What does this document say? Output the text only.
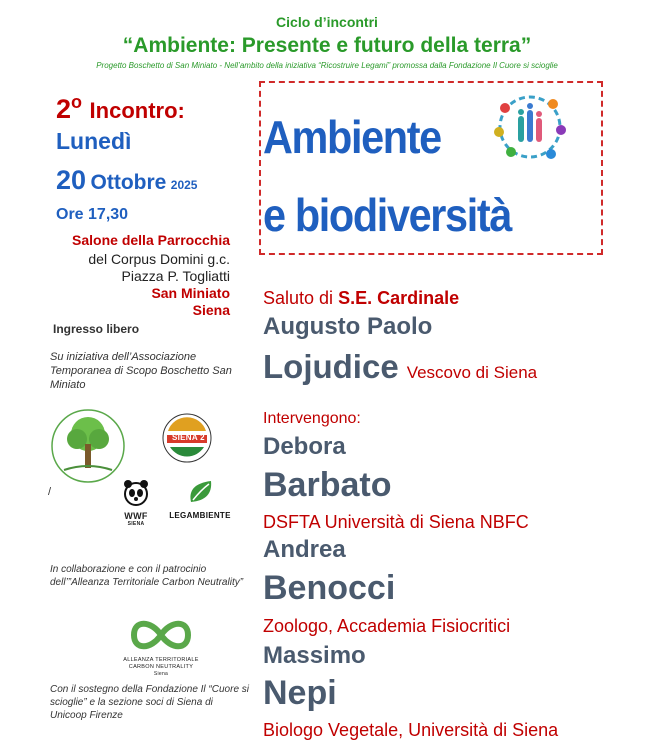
Ciclo d’incontri
“Ambiente: Presente e futuro della terra”
Progetto Boschetto di San Miniato - Nell’ambito della iniziativa “Ricostruire Legami” promossa dalla Fondazione Il Cuore si scioglie
2$^o$ Incontro:
Lunedì
20 Ottobre 2025
Ore 17,30
Salone della Parrocchia
del Corpus Domini g.c.
Piazza P. Togliatti
San Miniato
Siena
Ingresso libero
Su iniziativa dell’Associazione Temporanea di Scopo Boschetto San Miniato
SIENA 2
/
WWF
SIENA
LEGAMBIENTE
In collaborazione e con il patrocinio dell’”Alleanza Territoriale Carbon Neutrality”
ALLEANZA TERRITORIALE CARBON NEUTRALITY
Siena
Con il sostegno della Fondazione Il “Cuore si scioglie” e la sezione soci di Siena di Unicoop Firenze
Ambiente
e biodiversità
Saluto di S.E. Cardinale
Augusto Paolo
Lojudice Vescovo di Siena
Intervengono:
Debora
Barbato
DSFTA Università di Siena NBFC
Andrea
Benocci
Zoologo, Accademia Fisiocritici
Massimo
Nepi
Biologo Vegetale, Università di Siena
